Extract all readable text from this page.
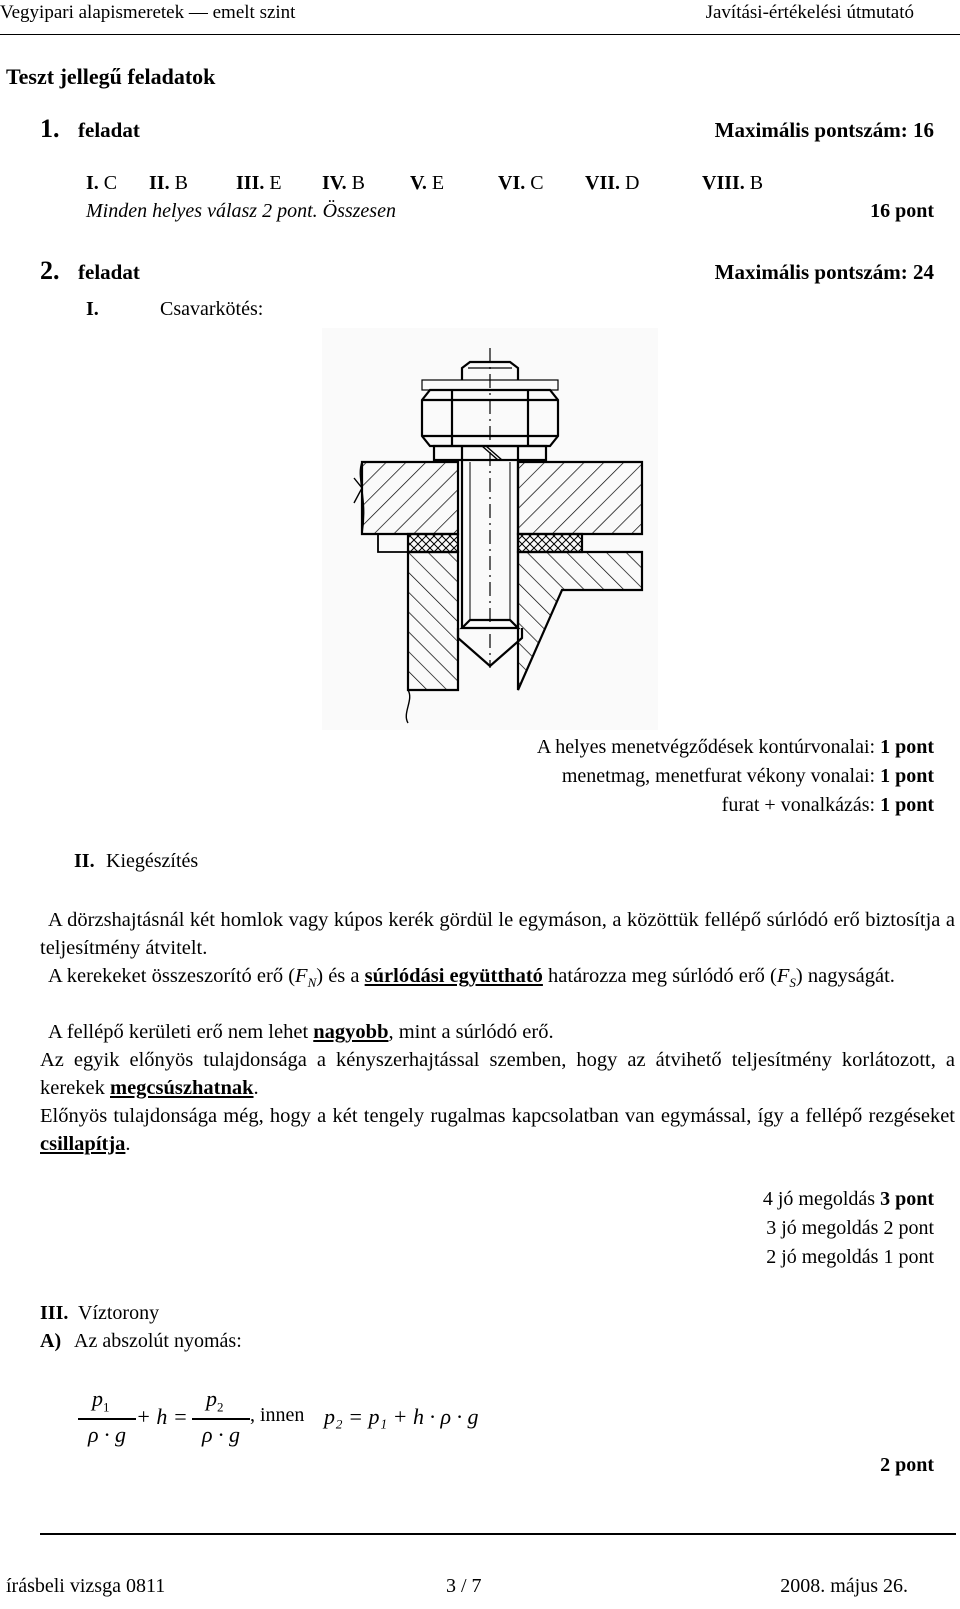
Vegyipari alapismeretek — emelt szint	Javítási-értékelési útmutató
Teszt jellegű feladatok
1. feladat	Maximális pontszám: 16
I. C II. B III. E IV. B V. E	VI. C VII. D	VIII. B
Minden helyes válasz 2 pont. Összesen	16 pont
2. feladat	Maximális pontszám: 24
I.	Csavarkötés:
A helyes menetvégződések kontúrvonalai: 1 pont
menetmag, menetfurat vékony vonalai: 1 pont
furat + vonalkázás: 1 pont
II. Kiegészítés
A dörzshajtásnál két homlok vagy kúpos kerék gördül le egymáson, a közöttük fellépő súrlódó erő biztosítja a teljesítmény átvitelt.
A kerekeket összeszorító erő $(F_N)$ és a súrlódási együttható határozza meg súrlódó erő $(F_S)$ nagyságát.
A fellépő kerületi erő nem lehet nagyobb, mint a súrlódó erő.
Az egyik előnyös tulajdonsága a kényszerhajtással szemben, hogy az átvihető teljesítmény korlátozott, a kerekek megcsúszhatnak.
Előnyös tulajdonsága még, hogy a két tengely rugalmas kapcsolatban van egymással, így a fellépő rezgéseket csillapítja.
4 jó megoldás 3 pont
3 jó megoldás 2 pont
2 jó megoldás 1 pont
III. Víztorony
A) Az abszolút nyomás:
$p_1$
ρ · g
+ h =
$p_2$
ρ · g
, innen p₂ = p₁ + h · ρ · g
2 pont
írásbeli vizsga 0811	3 / 7	2008. május 26.
